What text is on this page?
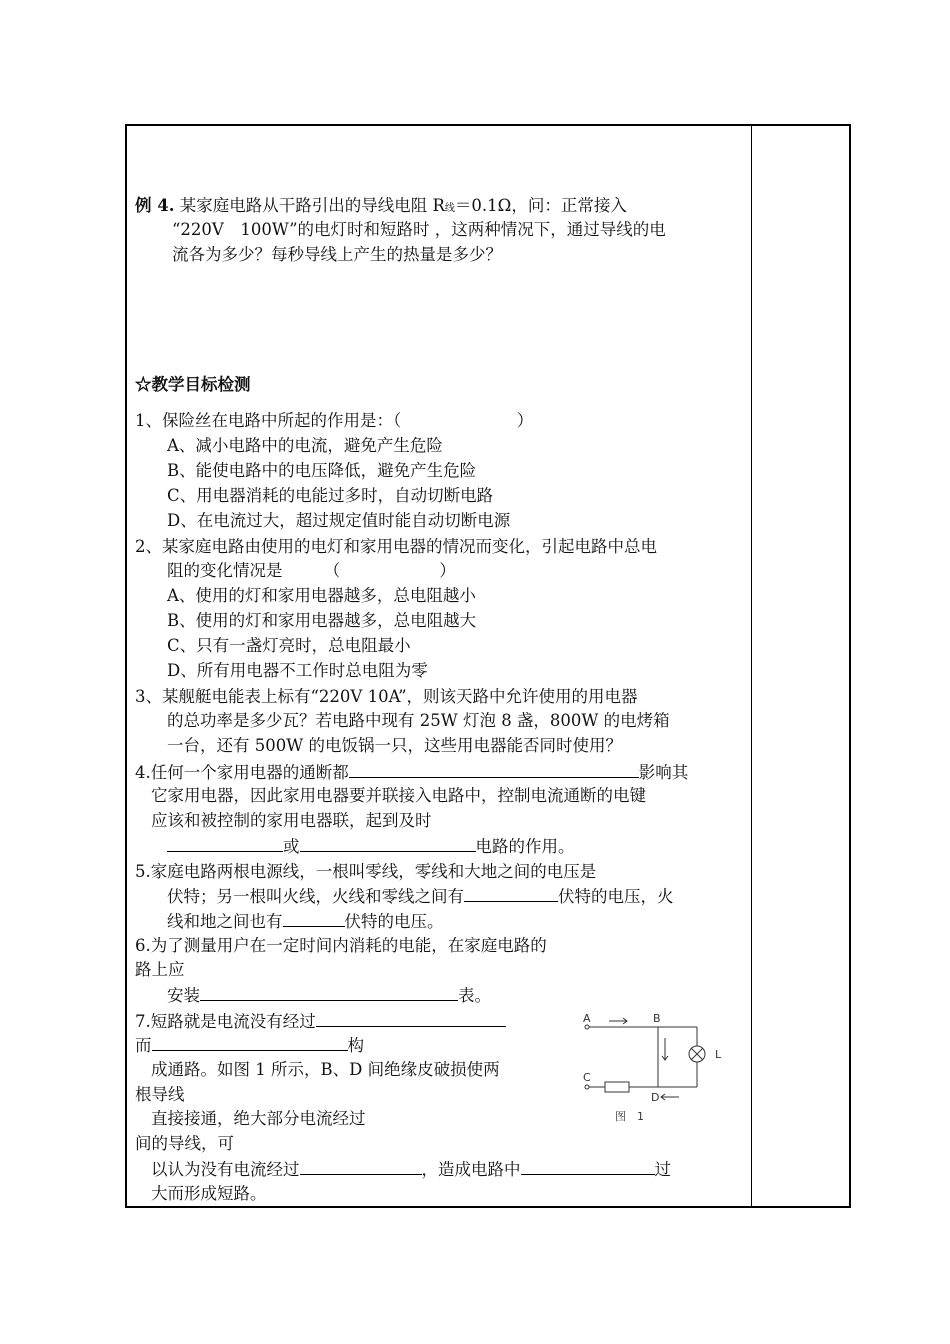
例 4. 某家庭电路从干路引出的导线电阻 R线＝0.1Ω，问：正常接入
“220V　100W”的电灯时和短路时 ，这两种情况下，通过导线的电
流各为多少？每秒导线上产生的热量是多少？
☆教学目标检测
1、保险丝在电路中所起的作用是：（　　　　　　　）
A、减小电路中的电流，避免产生危险
B、能使电路中的电压降低，避免产生危险
C、用电器消耗的电能过多时，自动切断电路
D、在电流过大，超过规定值时能自动切断电源
2、某家庭电路由使用的电灯和家用电器的情况而变化，引起电路中总电
阻的变化情况是　　　（　　　　　　）
A、使用的灯和家用电器越多，总电阻越小
B、使用的灯和家用电器越多，总电阻越大
C、只有一盏灯亮时，总电阻最小
D、所有用电器不工作时总电阻为零
3、某舰艇电能表上标有“220V 10A”，则该天路中允许使用的用电器
的总功率是多少瓦？若电路中现有 25W 灯泡 8 盏，800W 的电烤箱
一台，还有 500W 的电饭锅一只，这些用电器能否同时使用？
4.任何一个家用电器的通断都	影响其
它家用电器，因此家用电器要并联接入电路中，控制电流通断的电键
应该和被控制的家用电器联，起到及时
或	电路的作用。
5.家庭电路两根电源线，一根叫零线，零线和大地之间的电压是
伏特；另一根叫火线，火线和零线之间有	伏特的电压，火
线和地之间也有	伏特的电压。
6.为了测量用户在一定时间内消耗的电能，在家庭电路的
路上应
安装	表。
7.短路就是电流没有经过
而	构
成通路。如图 1 所示，B、D 间绝缘皮破损使两
根导线
直接接通，绝大部分电流经过
间的导线，可
以认为没有电流经过	，造成电路中	过
大而形成短路。
A	B
C
D
L
图　1
